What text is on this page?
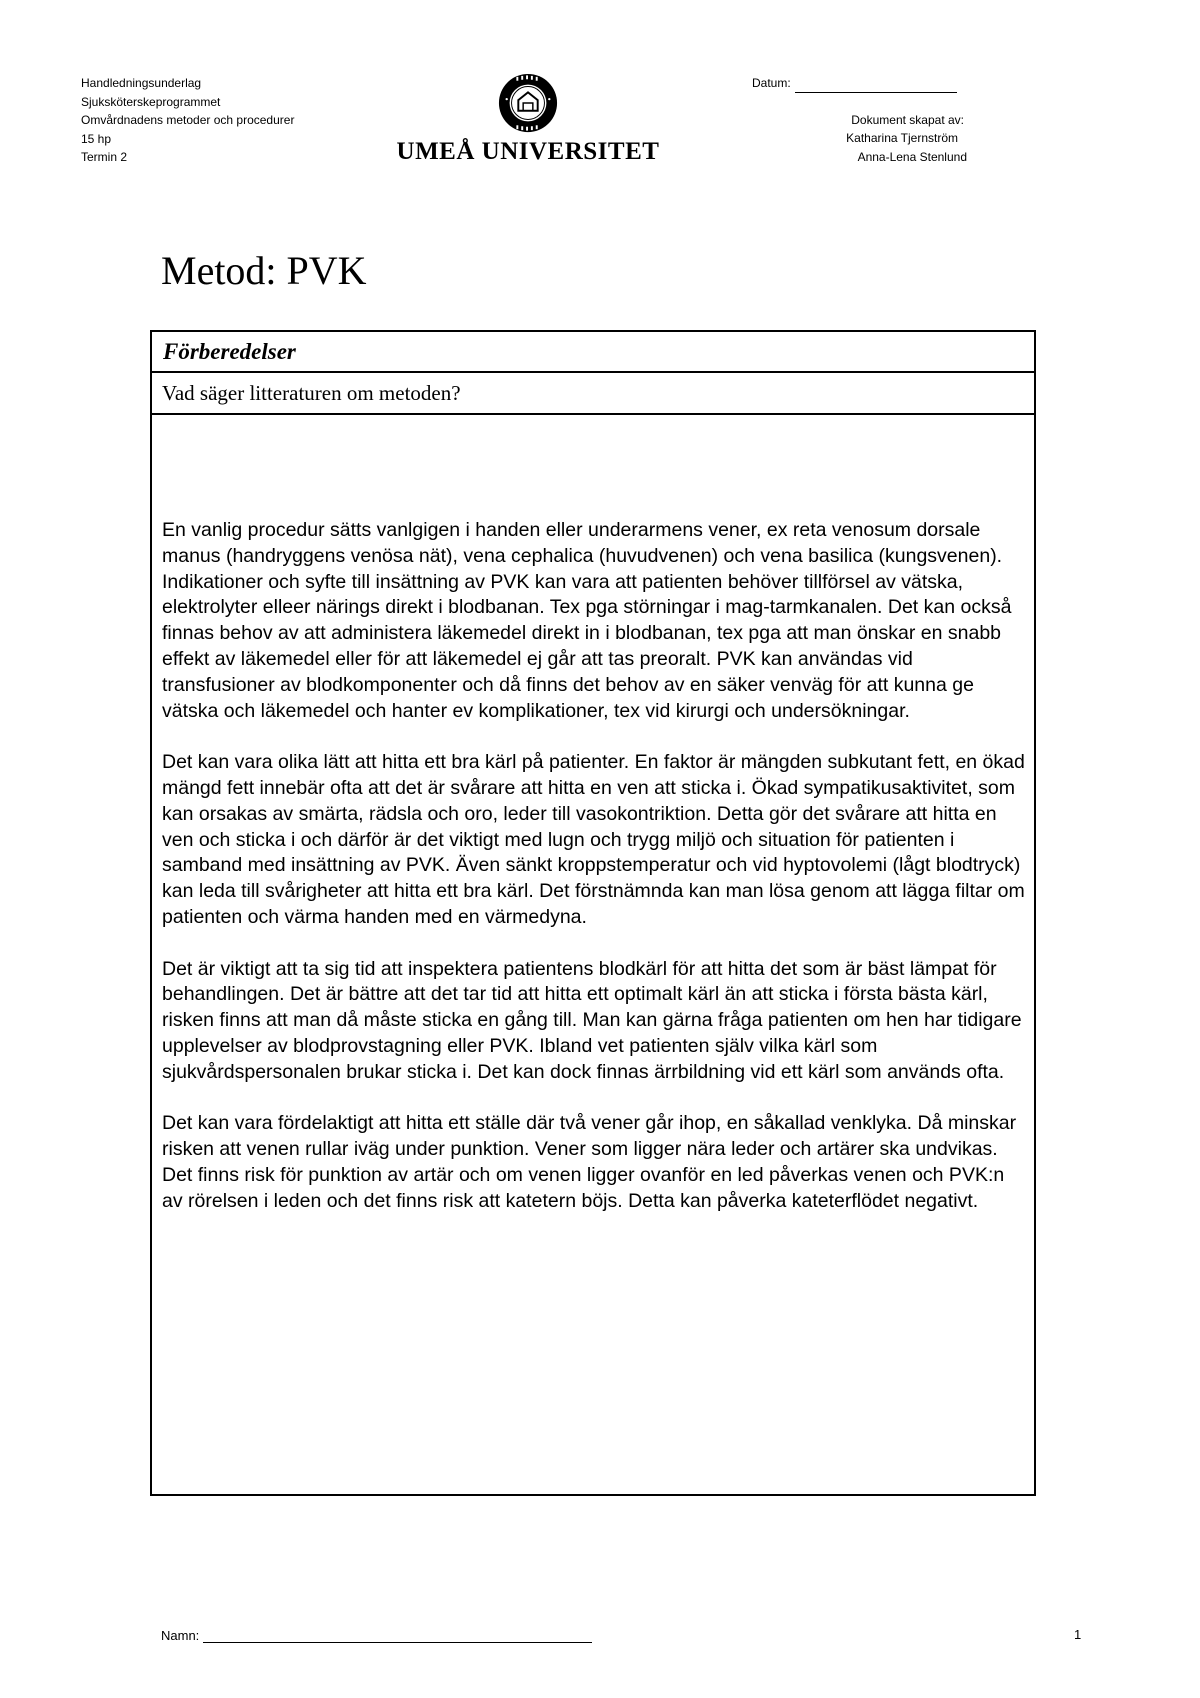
Handledningsunderlag
Sjuksköterskeprogrammet
Omvårdnadens metoder och procedurer
15 hp
Termin 2	UMEÅ UNIVERSITET
Datum:
Dokument skapat av:
Katharina Tjernström
Anna-Lena Stenlund
Metod: PVK
Förberedelser
Vad säger litteraturen om metoden?

En vanlig procedur sätts vanlgigen i handen eller underarmens vener, ex reta venosum dorsale manus (handryggens venösa nät), vena cephalica (huvudvenen) och vena basilica (kungsvenen). Indikationer och syfte till insättning av PVK kan vara att patienten behöver tillförsel av vätska, elektrolyter elleer närings direkt i blodbanan. Tex pga störningar i mag-tarmkanalen. Det kan också finnas behov av att administera läkemedel direkt in i blodbanan, tex pga att man önskar en snabb effekt av läkemedel eller för att läkemedel ej går att tas preoralt. PVK kan användas vid transfusioner av blodkomponenter och då finns det behov av en säker venväg för att kunna ge vätska och läkemedel och hanter ev komplikationer, tex vid kirurgi och undersökningar.

Det kan vara olika lätt att hitta ett bra kärl på patienter. En faktor är mängden subkutant fett, en ökad mängd fett innebär ofta att det är svårare att hitta en ven att sticka i. Ökad sympatikusaktivitet, som kan orsakas av smärta, rädsla och oro, leder till vasokontriktion. Detta gör det svårare att hitta en ven och sticka i och därför är det viktigt med lugn och trygg miljö och situation för patienten i samband med insättning av PVK. Även sänkt kroppstemperatur och vid hyptovolemi (lågt blodtryck) kan leda till svårigheter att hitta ett bra kärl. Det förstnämnda kan man lösa genom att lägga filtar om patienten och värma handen med en värmedyna.

Det är viktigt att ta sig tid att inspektera patientens blodkärl för att hitta det som är bäst lämpat för behandlingen. Det är bättre att det tar tid att hitta ett optimalt kärl än att sticka i första bästa kärl, risken finns att man då måste sticka en gång till. Man kan gärna fråga patienten om hen har tidigare upplevelser av blodprovstagning eller PVK. Ibland vet patienten själv vilka kärl som sjukvårdspersonalen brukar sticka i. Det kan dock finnas ärrbildning vid ett kärl som används ofta.

Det kan vara fördelaktigt att hitta ett ställe där två vener går ihop, en såkallad venklyka. Då minskar risken att venen rullar iväg under punktion. Vener som ligger nära leder och artärer ska undvikas. Det finns risk för punktion av artär och om venen ligger ovanför en led påverkas venen och PVK:n av rörelsen i leden och det finns risk att katetern böjs. Detta kan påverka kateterflödet negativt.

Namn:	1
